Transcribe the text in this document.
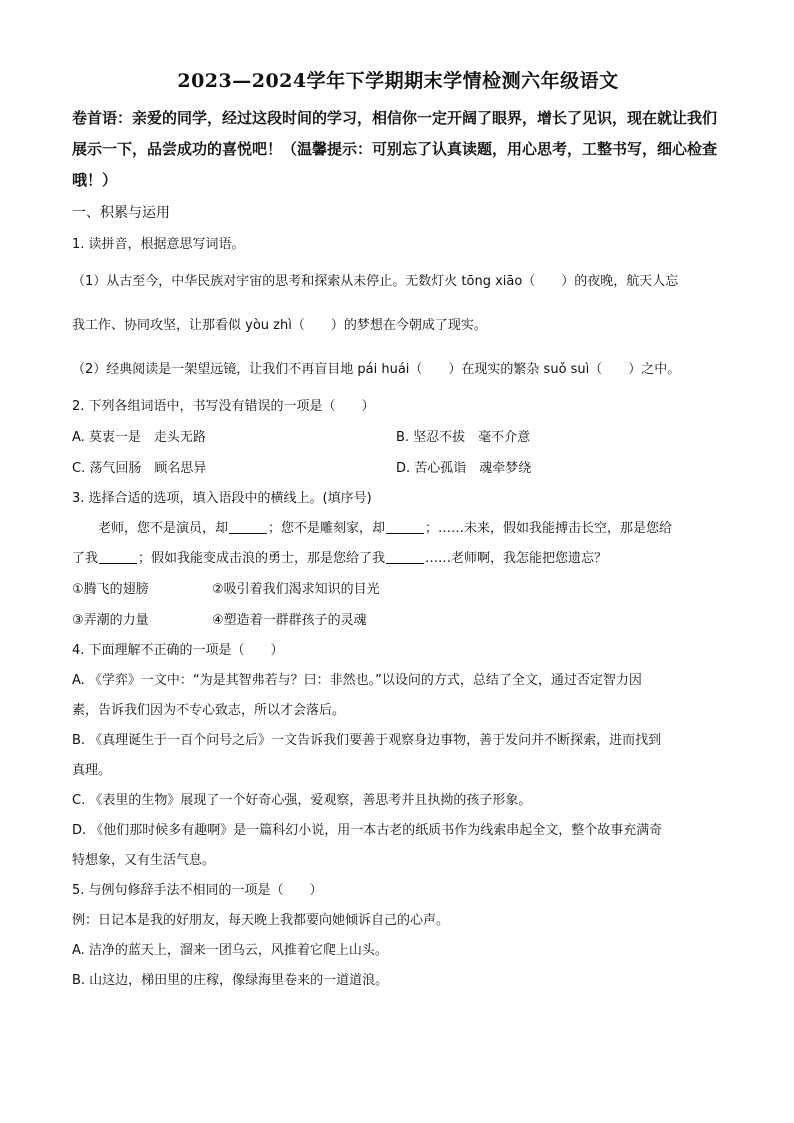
2023—2024学年下学期期末学情检测六年级语文

卷首语：亲爱的同学，经过这段时间的学习，相信你一定开阔了眼界，增长了见识，现在就让我们展示一下，品尝成功的喜悦吧！（温馨提示：可别忘了认真读题，用心思考，工整书写，细心检查哦！）

一、积累与运用

1. 读拼音，根据意思写词语。

（1）从古至今，中华民族对宇宙的思考和探索从未停止。无数灯火 tōng xiāo（　　）的夜晚，航天人忘

我工作、协同攻坚，让那看似 yòu zhì（　　）的梦想在今朝成了现实。

（2）经典阅读是一架望远镜，让我们不再盲目地 pái huái（　　）在现实的繁杂 suǒ suì（　　）之中。

2. 下列各组词语中，书写没有错误的一项是（　　）

A. 莫衷一是　走头无路	B. 坚忍不拔　毫不介意
C. 荡气回肠　顾名思异	D. 苦心孤诣　魂牵梦绕

3. 选择合适的选项，填入语段中的横线上。(填序号)

老师，您不是演员，却	；您不是雕刻家，却	；……未来，假如我能搏击长空，那是您给

了我	；假如我能变成击浪的勇士，那是您给了我	……老师啊，我怎能把您遗忘？

①腾飞的翅膀	②吸引着我们渴求知识的目光
③弄潮的力量	④塑造着一群群孩子的灵魂

4. 下面理解不正确的一项是（　　）

A. 《学弈》一文中：“为是其智弗若与？曰：非然也。”以设问的方式，总结了全文，通过否定智力因

素，告诉我们因为不专心致志，所以才会落后。

B. 《真理诞生于一百个问号之后》一文告诉我们要善于观察身边事物，善于发问并不断探索，进而找到

真理。

C. 《表里的生物》展现了一个好奇心强，爱观察，善思考并且执拗的孩子形象。

D. 《他们那时候多有趣啊》是一篇科幻小说，用一本古老的纸质书作为线索串起全文，整个故事充满奇

特想象，又有生活气息。

5. 与例句修辞手法不相同的一项是（　　）

例：日记本是我的好朋友，每天晚上我都要向她倾诉自己的心声。

A. 洁净的蓝天上，溜来一团乌云，风推着它爬上山头。

B. 山这边，梯田里的庄稼，像绿海里卷来的一道道浪。
